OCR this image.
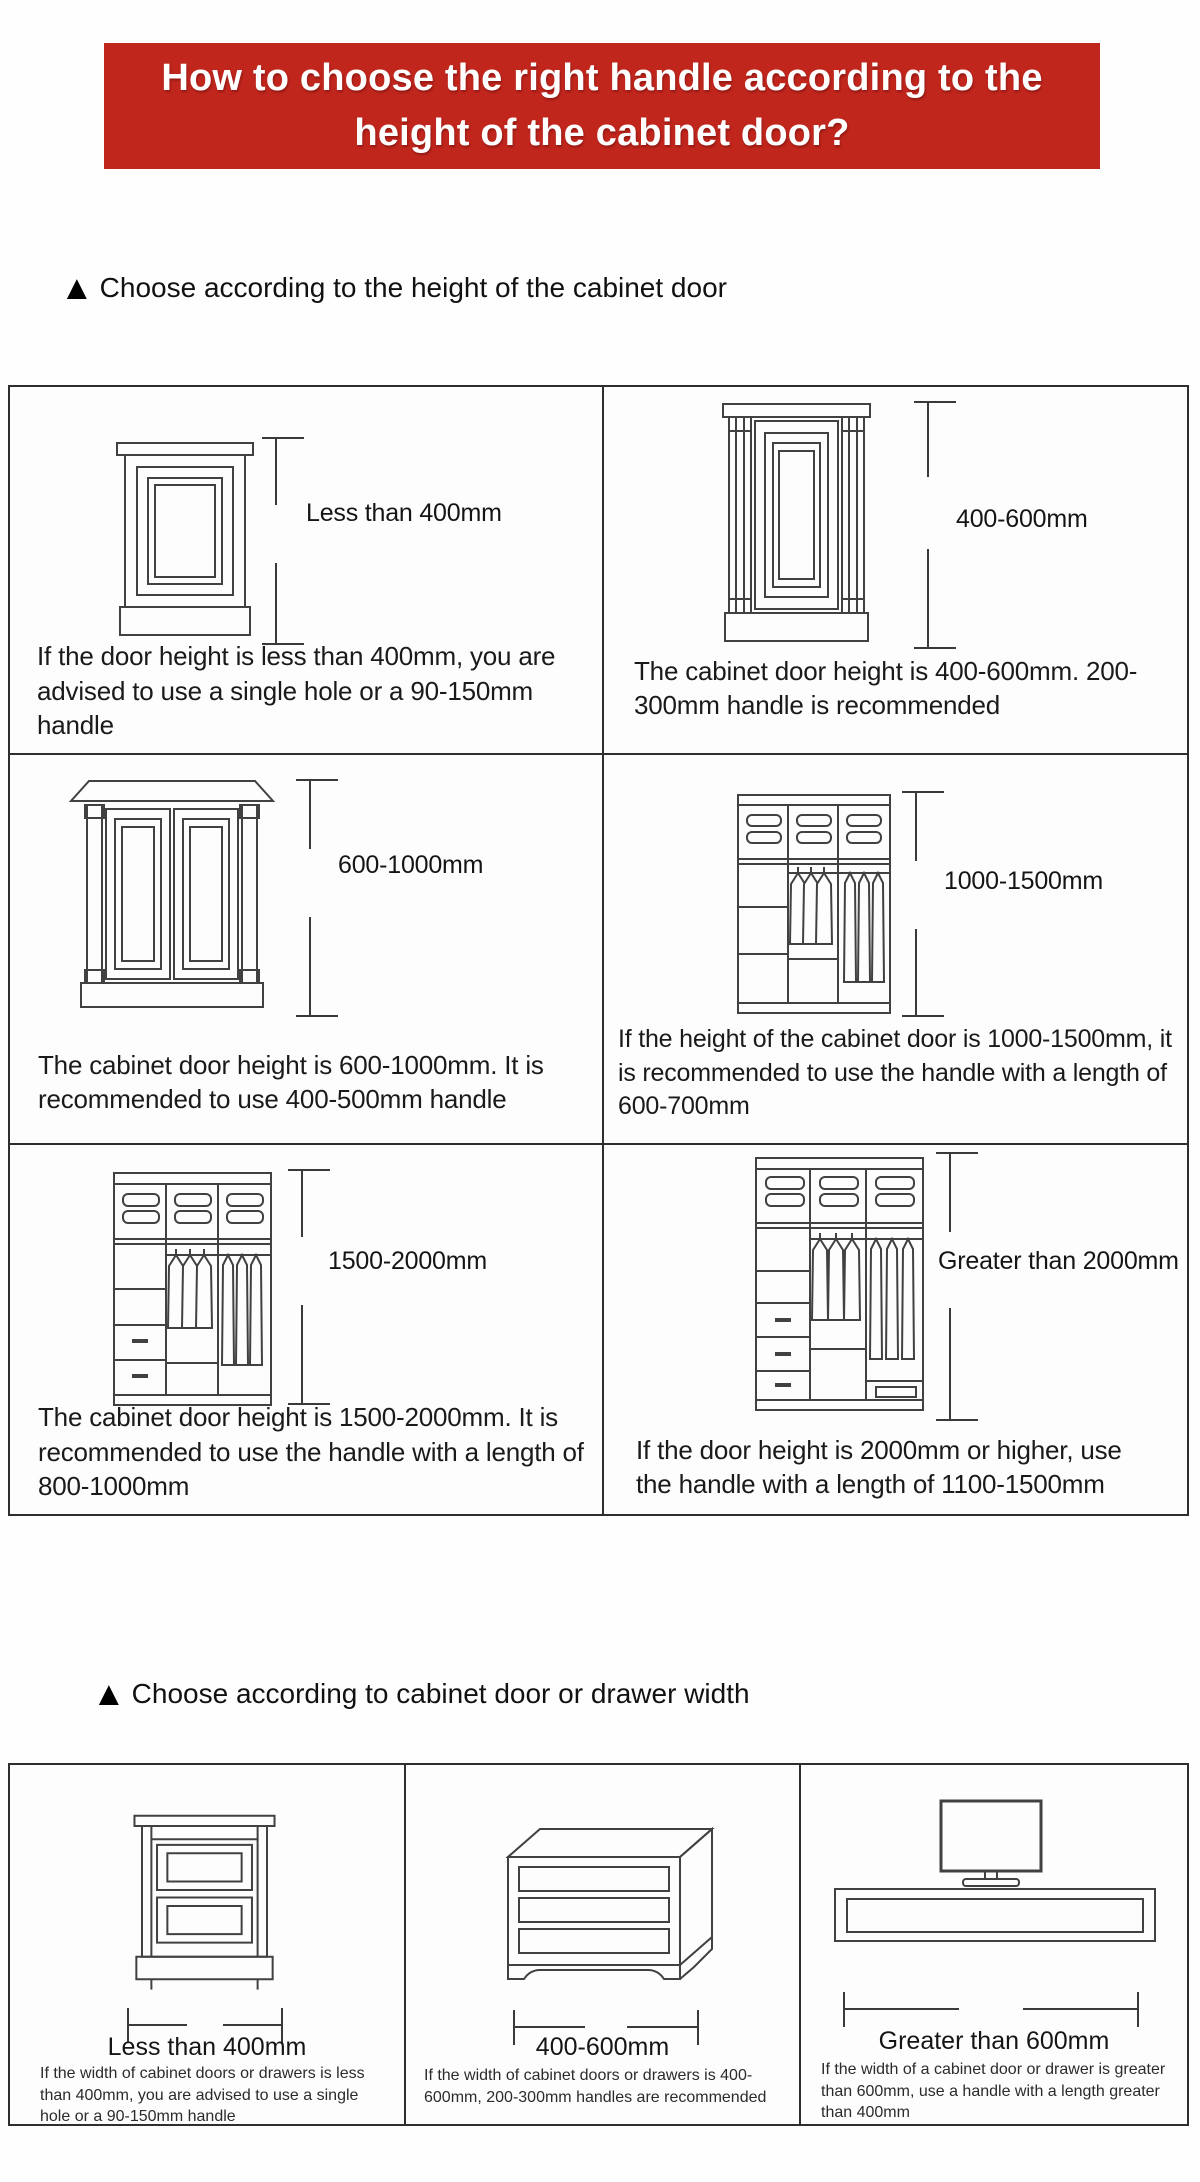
How to choose the right handle according to the
height of the cabinet door?
▲ Choose according to the height of the cabinet door
Less than 400mm
If the door height is less than 400mm, you are advised to use a single hole or a 90-150mm handle
400-600mm
The cabinet door height is 400-600mm. 200-300mm handle is recommended
600-1000mm
The cabinet door height is 600-1000mm. It is recommended to use 400-500mm handle
1000-1500mm
If the height of the cabinet door is 1000-1500mm, it is recommended to use the handle with a length of 600-700mm
1500-2000mm
The cabinet door height is 1500-2000mm. It is recommended to use the handle with a length of 800-1000mm
Greater than 2000mm
If the door height is 2000mm or higher, use the handle with a length of 1100-1500mm
▲ Choose according to cabinet door or drawer width
Less than 400mm
If the width of cabinet doors or drawers is less than 400mm, you are advised to use a single hole or a 90-150mm handle
400-600mm
If the width of cabinet doors or drawers is 400-600mm, 200-300mm handles are recommended
Greater than 600mm
If the width of a cabinet door or drawer is greater than 600mm, use a handle with a length greater than 400mm
